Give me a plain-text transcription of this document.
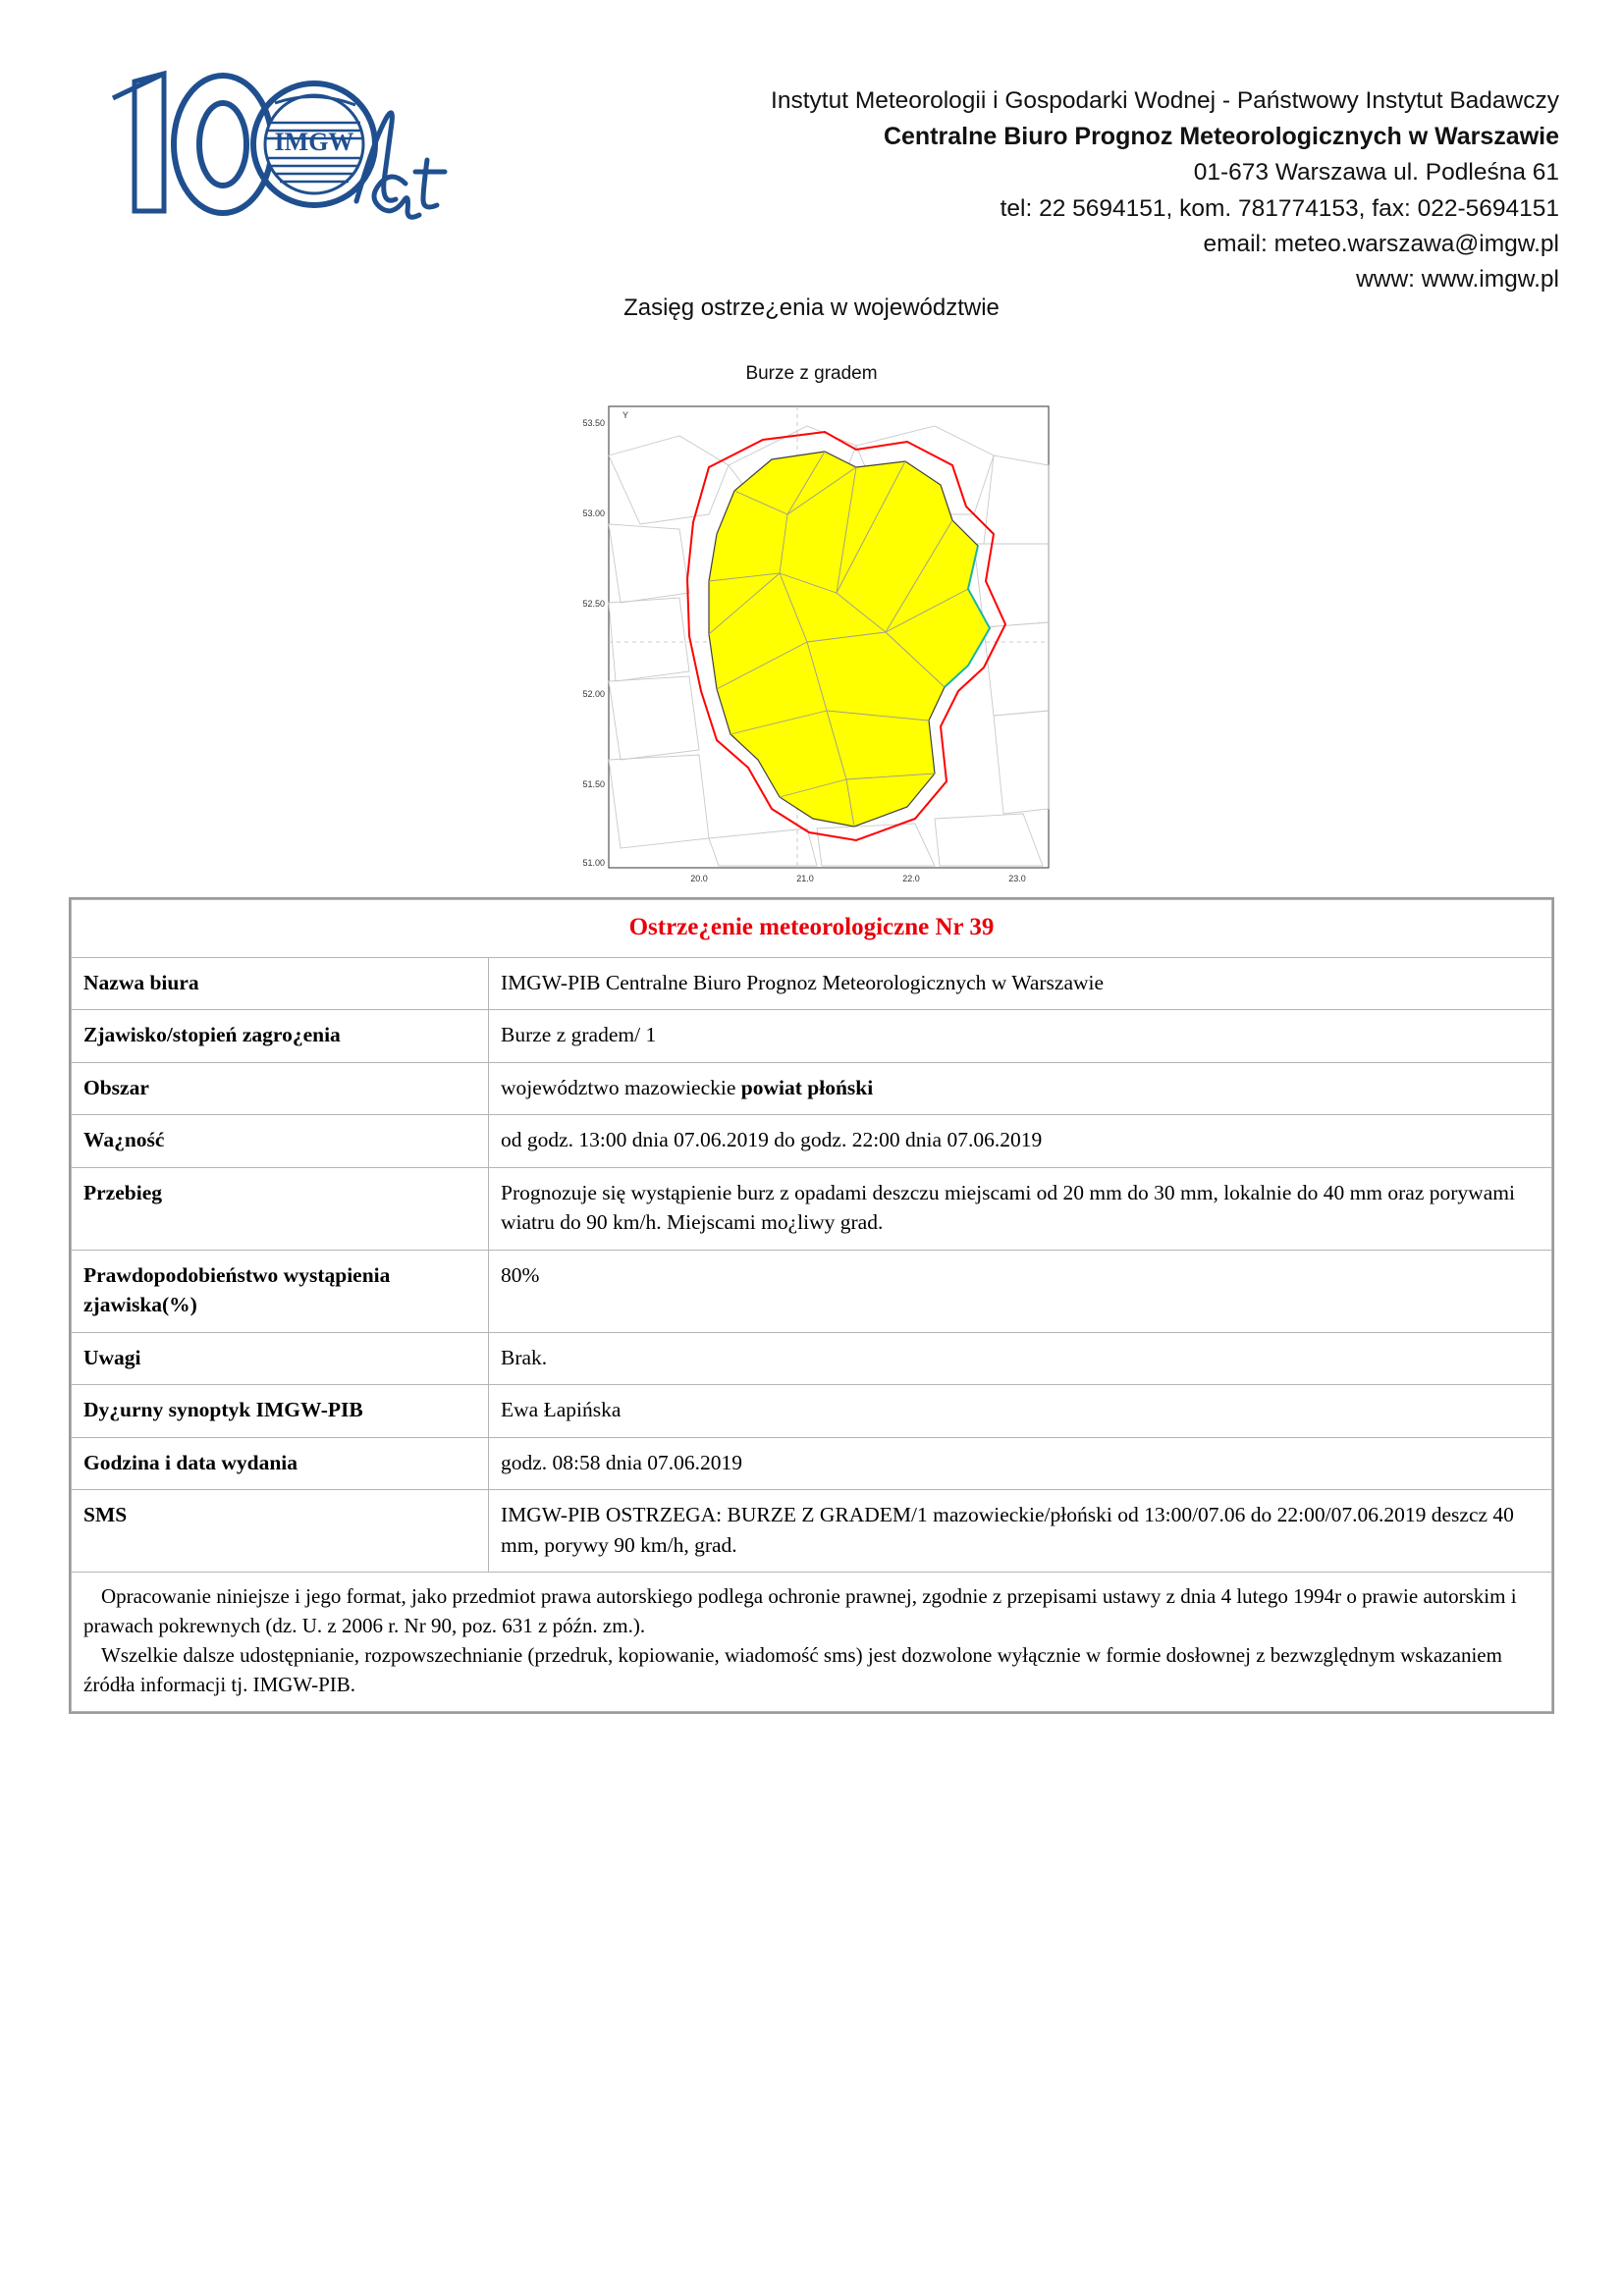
IMGW
Instytut Meteorologii i Gospodarki Wodnej - Państwowy Instytut Badawczy
Centralne Biuro Prognoz Meteorologicznych w Warszawie
01-673 Warszawa ul. Podleśna 61
tel: 22 5694151, kom. 781774153, fax: 022-5694151
email: meteo.warszawa@imgw.pl
www: www.imgw.pl
Zasięg ostrze¿enia w województwie
Burze z gradem
Y
53.50
53.00
52.50
52.00
51.50
51.00
20.0	21.0	22.0	23.0
Ostrze¿enie meteorologiczne Nr 39	
Nazwa biura	IMGW-PIB Centralne Biuro Prognoz Meteorologicznych w Warszawie
Zjawisko/stopień zagro¿enia	Burze z gradem/ 1
Obszar	województwo mazowieckie powiat płoński
Wa¿ność	od godz. 13:00 dnia 07.06.2019 do godz. 22:00 dnia 07.06.2019
Przebieg	Prognozuje się wystąpienie burz z opadami deszczu miejscami od 20 mm do 30 mm, lokalnie do 40 mm oraz porywami wiatru do 90 km/h. Miejscami mo¿liwy grad.
Prawdopodobieństwo wystąpienia zjawiska(%)	80%
Uwagi	Brak.
Dy¿urny synoptyk IMGW-PIB	Ewa Łapińska
Godzina i data wydania	godz. 08:58 dnia 07.06.2019
SMS	IMGW-PIB OSTRZEGA: BURZE Z GRADEM/1 mazowieckie/płoński od 13:00/07.06 do 22:00/07.06.2019 deszcz 40 mm, porywy 90 km/h, grad.

Opracowanie niniejsze i jego format, jako przedmiot prawa autorskiego podlega ochronie prawnej, zgodnie z przepisami ustawy z dnia 4 lutego 1994r o prawie autorskim i prawach pokrewnych (dz. U. z 2006 r. Nr 90, poz. 631 z późn. zm.).

Wszelkie dalsze udostępnianie, rozpowszechnianie (przedruk, kopiowanie, wiadomość sms) jest dozwolone wyłącznie w formie dosłownej z bezwzględnym wskazaniem źródła informacji tj. IMGW-PIB.	
